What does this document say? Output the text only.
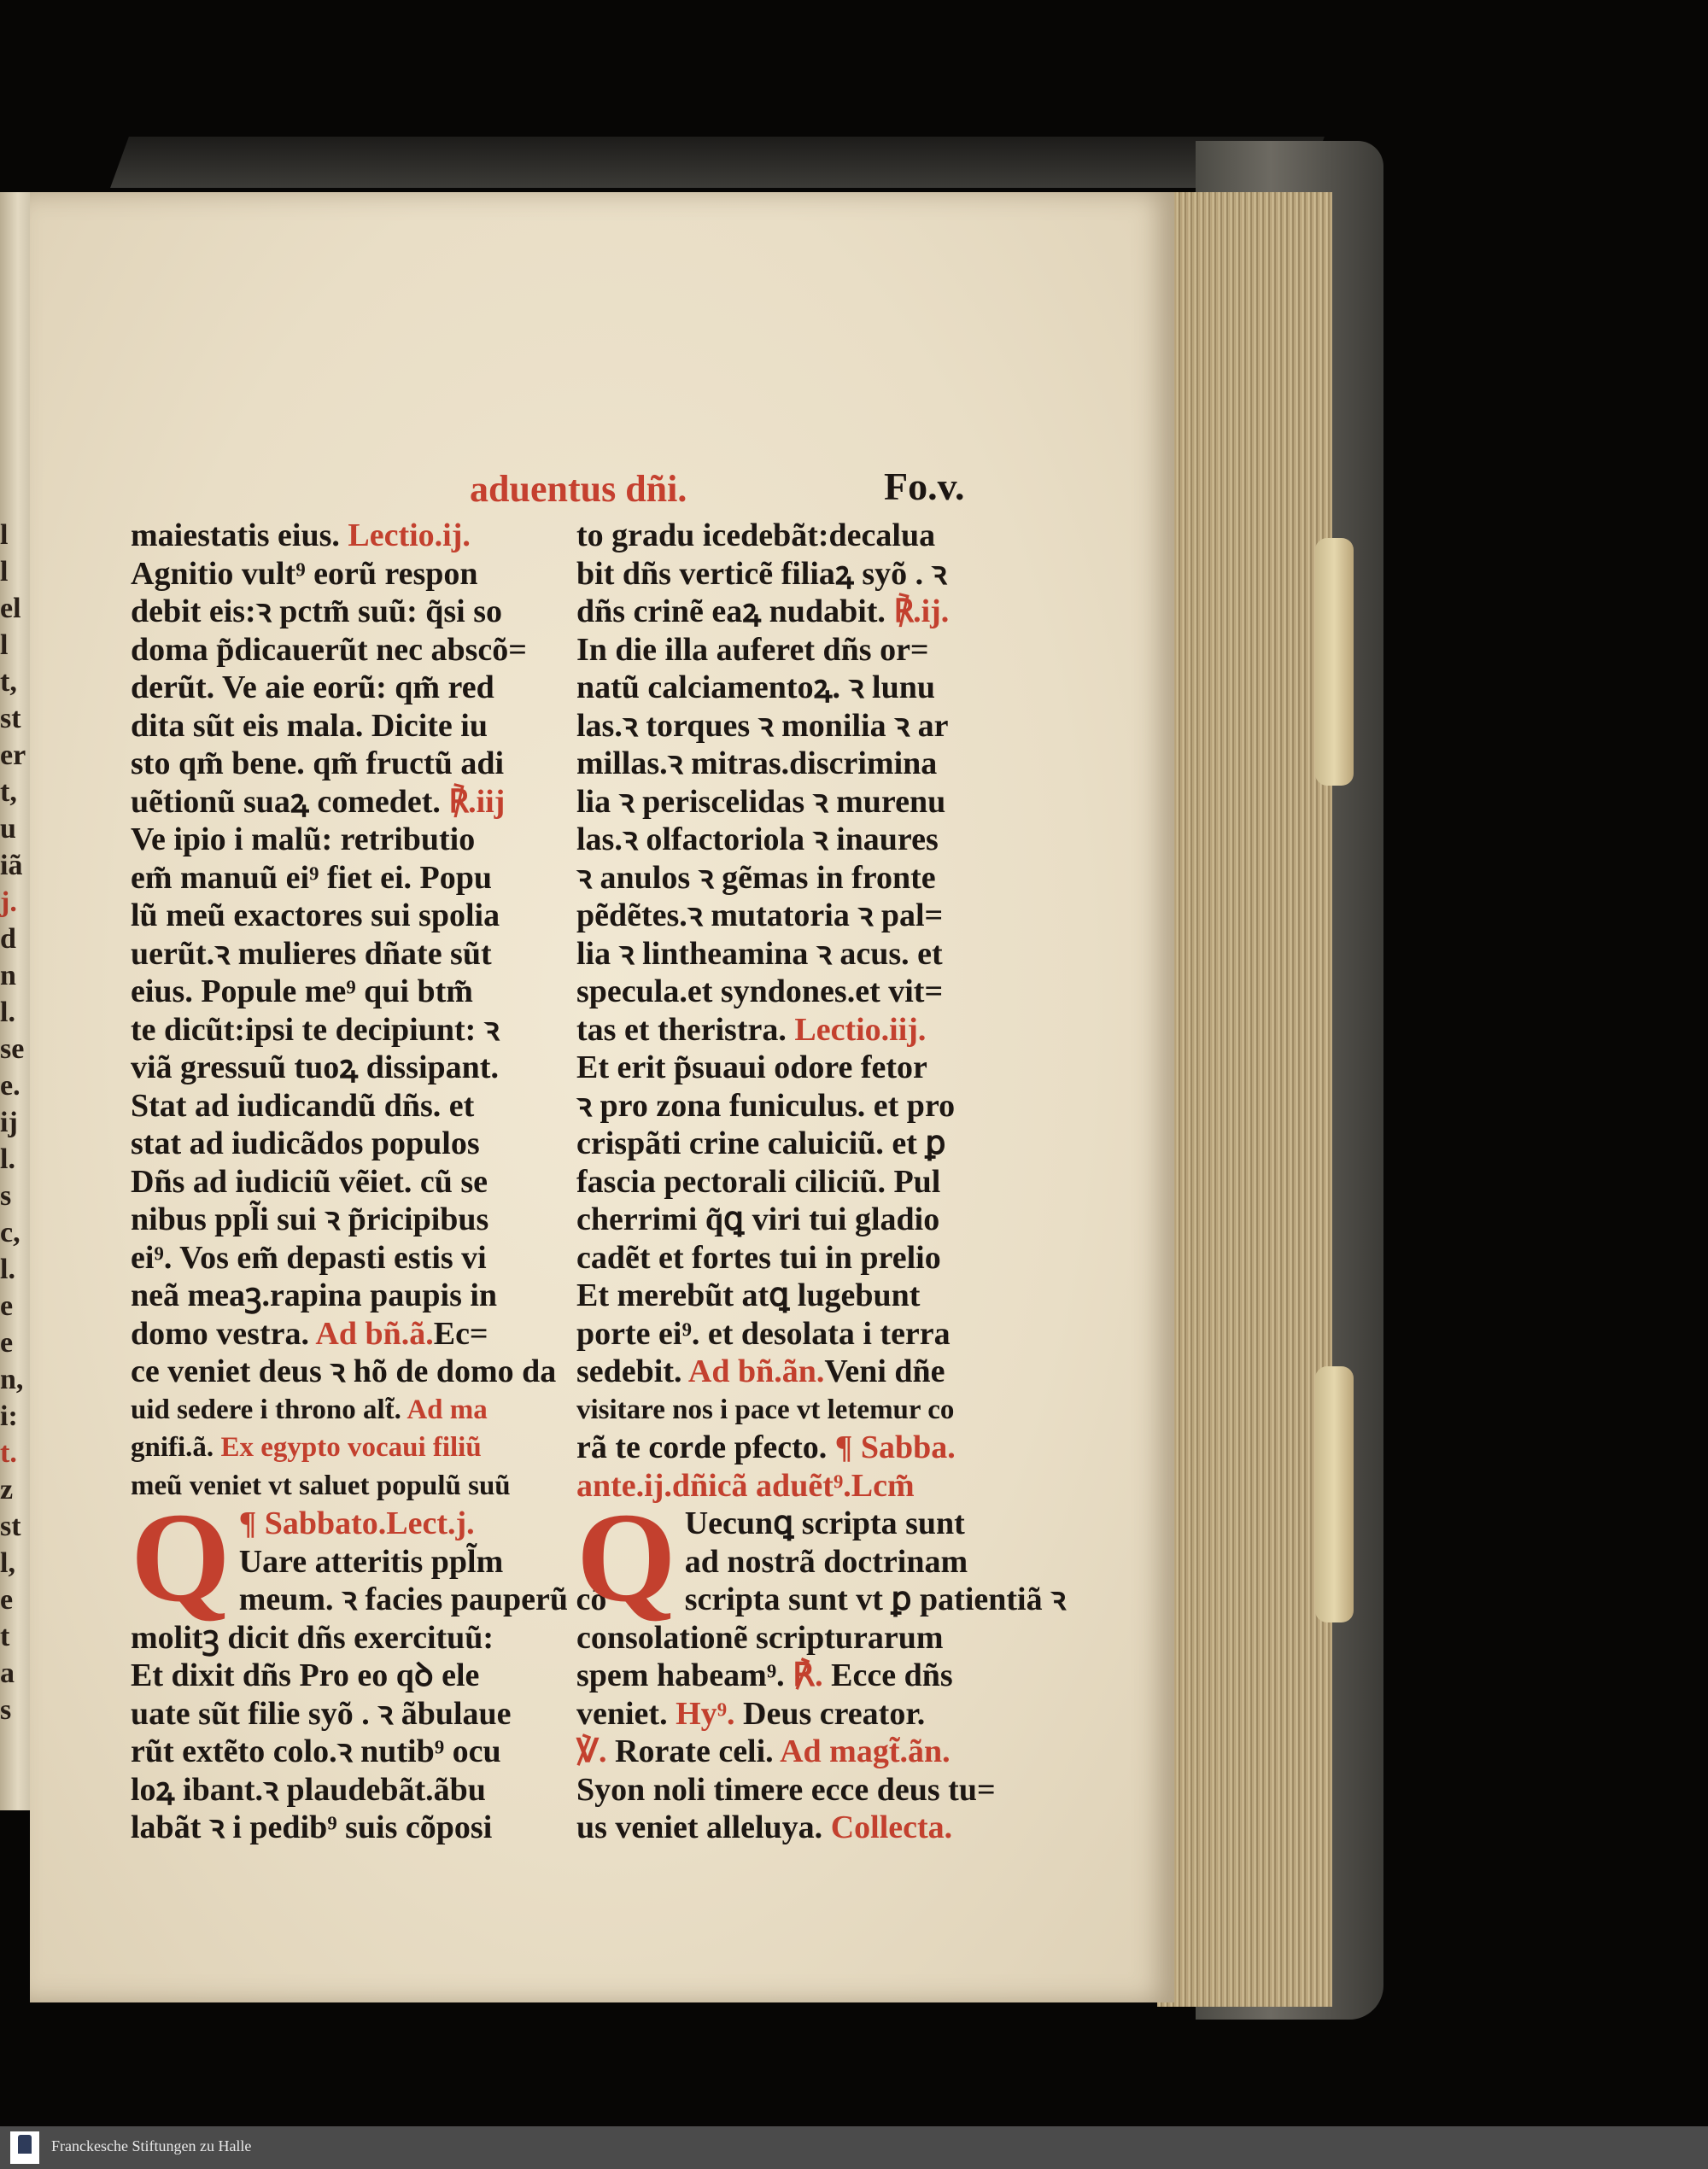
l
l
el
l
t,
st
er
t,
u
iã
j.
d
n
l.
se
e.
ij
l.
s
c,
l.
e
e
n,
i:
t.
z
st
l,
e
t
a
s
aduentus dñi.	Fo.v.
maiestatis eius. Lectio.ij.
Agnitio vult⁹ eorũ respon
debit eis:ꝛ pctm̃ suũ: q̃si so
doma p̃dicauerũt nec abscõ=
derũt. Ve aie eorũ: qm̃ red
dita sũt eis mala. Dicite iu
sto qm̃ bene. qm̃ fructũ adi
uẽtionũ suaꝝ comedet. ℟.iij
Ve ipio i malũ: retributio
em̃ manuũ ei⁹ fiet ei. Popu
lũ meũ exactores sui spolia
uerũt.ꝛ mulieres dñate sũt
eius. Popule me⁹ qui btm̃
te dicũt:ipsi te decipiunt: ꝛ
viã gressuũ tuoꝝ dissipant.
Stat ad iudicandũ dñs. et
stat ad iudicãdos populos
Dñs ad iudiciũ vẽiet. cũ se
nibus ppl̃i sui ꝛ p̃ricipibus
ei⁹. Vos em̃ depasti estis vi
neã meaꝫ.rapina paupis in
domo vestra. Ad bñ.ã.Ec=
ce veniet deus ꝛ hõ de domo da
uid sedere i throno alt̃. Ad ma
gnifi.ã. Ex egypto vocaui filiũ
meũ veniet vt saluet populũ suũ
Q ¶ Sabbato.Lect.j.
Uare atteritis ppl̃m
meum. ꝛ facies pauperũ cõ
molitꝫ dicit dñs exercituũ:
Et dixit dñs Pro eo qꝺ ele
uate sũt filie syõ . ꝛ ãbulaue
rũt extẽto colo.ꝛ nutib⁹ ocu
loꝝ ibant.ꝛ plaudebãt.ãbu
labãt ꝛ i pedib⁹ suis cõposi
to gradu icedebãt:decalua
bit dñs verticẽ filiaꝝ syõ . ꝛ
dñs crinẽ eaꝝ nudabit. ℟.ij.
In die illa auferet dñs or=
natũ calciamentoꝝ. ꝛ lunu
las.ꝛ torques ꝛ monilia ꝛ ar
millas.ꝛ mitras.discrimina
lia ꝛ periscelidas ꝛ murenu
las.ꝛ olfactoriola ꝛ inaures
ꝛ anulos ꝛ gẽmas in fronte
pẽdẽtes.ꝛ mutatoria ꝛ pal=
lia ꝛ lintheamina ꝛ acus. et
specula.et syndones.et vit=
tas et theristra. Lectio.iij.
Et erit p̃suaui odore fetor
ꝛ pro zona funiculus. et pro
crispãti crine caluiciũ. et ꝑ
fascia pectorali ciliciũ. Pul
cherrimi q̃ꝗ viri tui gladio
cadẽt et fortes tui in prelio
Et merebũt atꝗ lugebunt
porte ei⁹. et desolata i terra
sedebit. Ad bñ.ãn.Veni dñe
visitare nos i pace vt letemur co
rã te corde pfecto. ¶ Sabba.
ante.ij.dñicã aduẽt⁹.Lcm̃
Q Uecunꝗ scripta sunt
ad nostrã doctrinam
scripta sunt vt ꝑ patientiã ꝛ
consolationẽ scripturarum
spem habeam⁹. ℟. Ecce dñs
veniet. Hy⁹. Deus creator.
℣. Rorate celi. Ad magt̃.ãn.
Syon noli timere ecce deus tu=
us veniet alleluya. Collecta.
Franckesche Stiftungen zu Halle
